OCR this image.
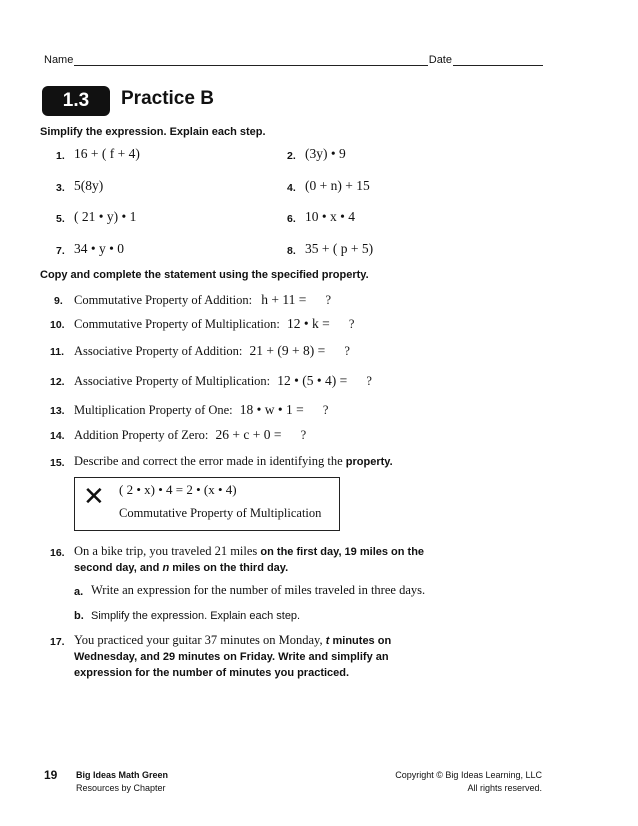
Name	Date
1.3	Practice B
Simplify the expression. Explain each step.
1. 16 + ( f + 4)	2. (3y) • 9
3. 5(8y)	4. (0 + n) + 15
5. ( 21 • y) • 1	6. 10 • x • 4
7. 34 • y • 0	8. 35 + ( p + 5)
Copy and complete the statement using the specified property.
9. Commutative Property of Addition: h + 11 = ?
10. Commutative Property of Multiplication: 12 • k = ?
11. Associative Property of Addition: 21 + (9 + 8) = ?
12. Associative Property of Multiplication: 12 • (5 • 4) = ?
13. Multiplication Property of One: 18 • w • 1 = ?
14. Addition Property of Zero: 26 + c + 0 = ?
15. Describe and correct the error made in identifying the property.
✕ ( 2 • x) • 4 = 2 • (x • 4)
Commutative Property of Multiplication
16. On a bike trip, you traveled 21 miles on the first day, 19 miles on the
second day, and n miles on the third day.
a. Write an expression for the number of miles traveled in three days.
b. Simplify the expression. Explain each step.
17. You practiced your guitar 37 minutes on Monday, t minutes on
Wednesday, and 29 minutes on Friday. Write and simplify an
expression for the number of minutes you practiced.
19 Big Ideas Math Green
Resources by Chapter
Copyright © Big Ideas Learning, LLC
All rights reserved.
